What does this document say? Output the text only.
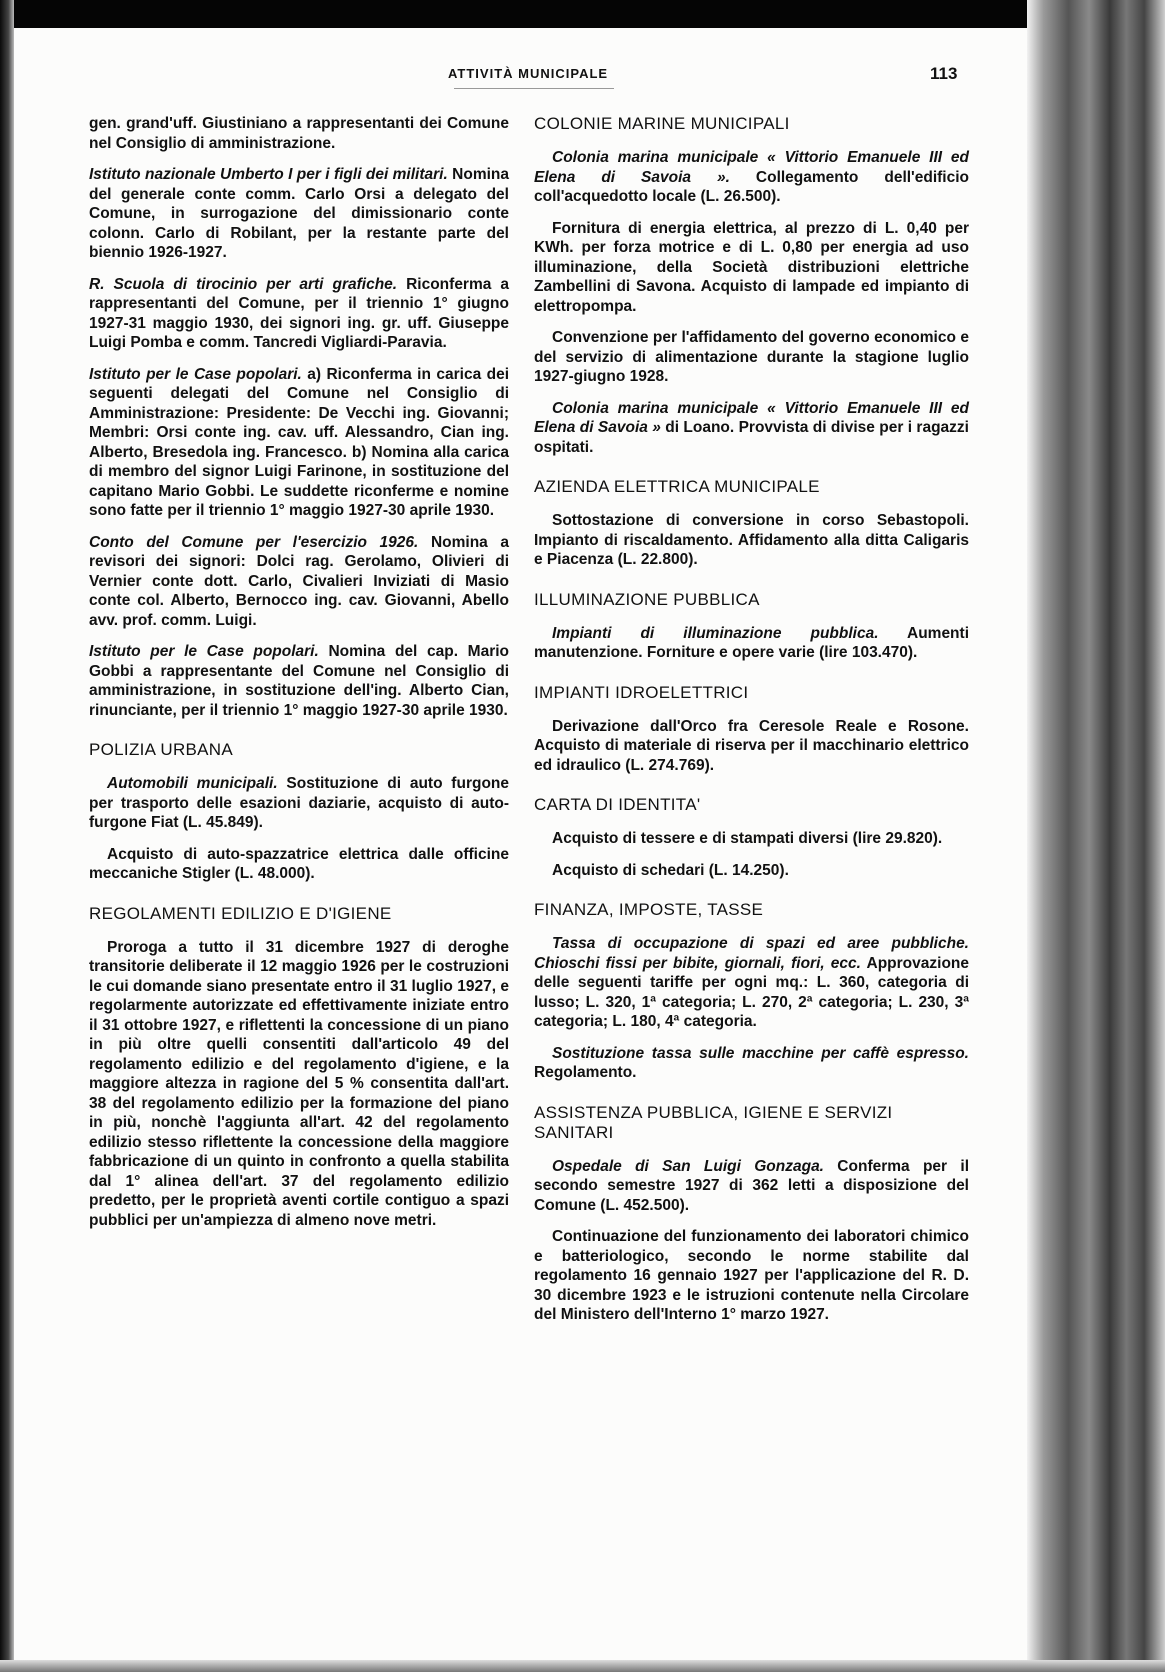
ATTIVITÀ MUNICIPALE	113

gen. grand'uff. Giustiniano a rappresentanti dei Comune nel Consiglio di amministrazione.

Istituto nazionale Umberto I per i figli dei militari. Nomina del generale conte comm. Carlo Orsi a delegato del Comune, in surrogazione del dimissionario conte colonn. Carlo di Robilant, per la restante parte del biennio 1926-1927.

R. Scuola di tirocinio per arti grafiche. Riconferma a rappresentanti del Comune, per il triennio 1° giugno 1927-31 maggio 1930, dei signori ing. gr. uff. Giuseppe Luigi Pomba e comm. Tancredi Vigliardi-Paravia.

Istituto per le Case popolari. a) Riconferma in carica dei seguenti delegati del Comune nel Consiglio di Amministrazione: Presidente: De Vecchi ing. Giovanni; Membri: Orsi conte ing. cav. uff. Alessandro, Cian ing. Alberto, Bresedola ing. Francesco. b) Nomina alla carica di membro del signor Luigi Farinone, in sostituzione del capitano Mario Gobbi. Le suddette riconferme e nomine sono fatte per il triennio 1° maggio 1927-30 aprile 1930.

Conto del Comune per l'esercizio 1926. Nomina a revisori dei signori: Dolci rag. Gerolamo, Olivieri di Vernier conte dott. Carlo, Civalieri Inviziati di Masio conte col. Alberto, Bernocco ing. cav. Giovanni, Abello avv. prof. comm. Luigi.

Istituto per le Case popolari. Nomina del cap. Mario Gobbi a rappresentante del Comune nel Consiglio di amministrazione, in sostituzione dell'ing. Alberto Cian, rinunciante, per il triennio 1° maggio 1927-30 aprile 1930.

POLIZIA URBANA

Automobili municipali. Sostituzione di auto furgone per trasporto delle esazioni daziarie, acquisto di auto-furgone Fiat (L. 45.849).

Acquisto di auto-spazzatrice elettrica dalle officine meccaniche Stigler (L. 48.000).

REGOLAMENTI EDILIZIO E D'IGIENE

Proroga a tutto il 31 dicembre 1927 di deroghe transitorie deliberate il 12 maggio 1926 per le costruzioni le cui domande siano presentate entro il 31 luglio 1927, e regolarmente autorizzate ed effettivamente iniziate entro il 31 ottobre 1927, e riflettenti la concessione di un piano in più oltre quelli consentiti dall'articolo 49 del regolamento edilizio e del regolamento d'igiene, e la maggiore altezza in ragione del 5 % consentita dall'art. 38 del regolamento edilizio per la formazione del piano in più, nonchè l'aggiunta all'art. 42 del regolamento edilizio stesso riflettente la concessione della maggiore fabbricazione di un quinto in confronto a quella stabilita dal 1° alinea dell'art. 37 del regolamento edilizio predetto, per le proprietà aventi cortile contiguo a spazi pubblici per un'ampiezza di almeno nove metri.

COLONIE MARINE MUNICIPALI

Colonia marina municipale « Vittorio Emanuele III ed Elena di Savoia ». Collegamento dell'edificio coll'acquedotto locale (L. 26.500).

Fornitura di energia elettrica, al prezzo di L. 0,40 per KWh. per forza motrice e di L. 0,80 per energia ad uso illuminazione, della Società distribuzioni elettriche Zambellini di Savona. Acquisto di lampade ed impianto di elettropompa.

Convenzione per l'affidamento del governo economico e del servizio di alimentazione durante la stagione luglio 1927-giugno 1928.

Colonia marina municipale « Vittorio Emanuele III ed Elena di Savoia » di Loano. Provvista di divise per i ragazzi ospitati.

AZIENDA ELETTRICA MUNICIPALE

Sottostazione di conversione in corso Sebastopoli. Impianto di riscaldamento. Affidamento alla ditta Caligaris e Piacenza (L. 22.800).

ILLUMINAZIONE PUBBLICA

Impianti di illuminazione pubblica. Aumenti manutenzione. Forniture e opere varie (lire 103.470).

IMPIANTI IDROELETTRICI

Derivazione dall'Orco fra Ceresole Reale e Rosone. Acquisto di materiale di riserva per il macchinario elettrico ed idraulico (L. 274.769).

CARTA DI IDENTITA'

Acquisto di tessere e di stampati diversi (lire 29.820).

Acquisto di schedari (L. 14.250).

FINANZA, IMPOSTE, TASSE

Tassa di occupazione di spazi ed aree pubbliche. Chioschi fissi per bibite, giornali, fiori, ecc. Approvazione delle seguenti tariffe per ogni mq.: L. 360, categoria di lusso; L. 320, 1ª categoria; L. 270, 2ª categoria; L. 230, 3ª categoria; L. 180, 4ª categoria.

Sostituzione tassa sulle macchine per caffè espresso. Regolamento.

ASSISTENZA PUBBLICA, IGIENE E SERVIZI SANITARI

Ospedale di San Luigi Gonzaga. Conferma per il secondo semestre 1927 di 362 letti a disposizione del Comune (L. 452.500).

Continuazione del funzionamento dei laboratori chimico e batteriologico, secondo le norme stabilite dal regolamento 16 gennaio 1927 per l'applicazione del R. D. 30 dicembre 1923 e le istruzioni contenute nella Circolare del Ministero dell'Interno 1° marzo 1927.
